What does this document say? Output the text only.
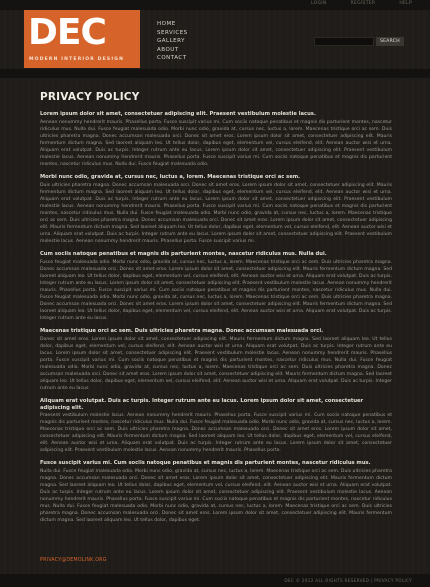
LOGIN	REGISTER	HELP
DEC
MODERN INTERIOR DESIGN
HOME
SERVICES
GALLERY
ABOUT
CONTACT
SEARCH
PRIVACY POLICY
Lorem ipsum dolor sit amet, consectetuer adipiscing elit. Praesent vestibulum molestie lacus.
Aenean nonummy hendrerit mauris. Phasellus porta. Fusce suscipit varius mi. Cum sociis natoque penatibus et magnis dis parturient montes, nascetur ridiculus mus. Nulla dui. Fusce feugiat malesuada odio. Morbi nunc odio, gravida at, cursus nec, luctus a, lorem. Maecenas tristique orci ac sem. Duis ultricies pharetra magna. Donec accumsan malesuada orci. Donec sit amet eros. Lorem ipsum dolor sit amet, consectetuer adipiscing elit. Mauris fermentum dictum magna. Sed laoreet aliquam leo. Ut tellus dolor, dapibus eget, elementum vel, cursus eleifend, elit. Aenean auctor wisi et urna. Aliquam erat volutpat. Duis ac turpis. Integer rutrum ante eu lacus. Lorem ipsum dolor sit amet, consectetuer adipiscing elit. Praesent vestibulum molestie lacus. Aenean nonummy hendrerit mauris. Phasellus porta. Fusce suscipit varius mi. Cum sociis natoque penatibus et magnis dis parturient montes, nascetur ridiculus mus. Nulla dui. Fusce feugiat malesuada odio.
Morbi nunc odio, gravida at, cursus nec, luctus a, lorem. Maecenas tristique orci ac sem.
Duis ultricies pharetra magna. Donec accumsan malesuada orci. Donec sit amet eros. Lorem ipsum dolor sit amet, consectetuer adipiscing elit. Mauris fermentum dictum magna. Sed laoreet aliquam leo. Ut tellus dolor, dapibus eget, elementum vel, cursus eleifend, elit. Aenean auctor wisi et urna. Aliquam erat volutpat. Duis ac turpis. Integer rutrum ante eu lacus. Lorem ipsum dolor sit amet, consectetuer adipiscing elit. Praesent vestibulum molestie lacus. Aenean nonummy hendrerit mauris. Phasellus porta. Fusce suscipit varius mi. Cum sociis natoque penatibus et magnis dis parturient montes, nascetur ridiculus mus. Nulla dui. Fusce feugiat malesuada odio. Morbi nunc odio, gravida at, cursus nec, luctus a, lorem. Maecenas tristique orci ac sem. Duis ultricies pharetra magna. Donec accumsan malesuada orci. Donec sit amet eros. Lorem ipsum dolor sit amet, consectetuer adipiscing elit. Mauris fermentum dictum magna. Sed laoreet aliquam leo. Ut tellus dolor, dapibus eget, elementum vel, cursus eleifend, elit. Aenean auctor wisi et urna. Aliquam erat volutpat. Duis ac turpis. Integer rutrum ante eu lacus. Lorem ipsum dolor sit amet, consectetuer adipiscing elit. Praesent vestibulum molestie lacus. Aenean nonummy hendrerit mauris. Phasellus porta. Fusce suscipit varius mi.
Cum sociis natoque penatibus et magnis dis parturient montes, nascetur ridiculus mus. Nulla dui.
Fusce feugiat malesuada odio. Morbi nunc odio, gravida at, cursus nec, luctus a, lorem. Maecenas tristique orci ac sem. Duis ultricies pharetra magna. Donec accumsan malesuada orci. Donec sit amet eros. Lorem ipsum dolor sit amet, consectetuer adipiscing elit. Mauris fermentum dictum magna. Sed laoreet aliquam leo. Ut tellus dolor, dapibus eget, elementum vel, cursus eleifend, elit. Aenean auctor wisi et urna. Aliquam erat volutpat. Duis ac turpis. Integer rutrum ante eu lacus. Lorem ipsum dolor sit amet, consectetuer adipiscing elit. Praesent vestibulum molestie lacus. Aenean nonummy hendrerit mauris. Phasellus porta. Fusce suscipit varius mi. Cum sociis natoque penatibus et magnis dis parturient montes, nascetur ridiculus mus. Nulla dui. Fusce feugiat malesuada odio. Morbi nunc odio, gravida at, cursus nec, luctus a, lorem. Maecenas tristique orci ac sem. Duis ultricies pharetra magna. Donec accumsan malesuada orci. Donec sit amet eros. Lorem ipsum dolor sit amet, consectetuer adipiscing elit. Mauris fermentum dictum magna. Sed laoreet aliquam leo. Ut tellus dolor, dapibus eget, elementum vel, cursus eleifend, elit. Aenean auctor wisi et urna. Aliquam erat volutpat. Duis ac turpis. Integer rutrum ante eu lacus.
Maecenas tristique orci ac sem. Duis ultricies pharetra magna. Donec accumsan malesuada orci.
Donec sit amet eros. Lorem ipsum dolor sit amet, consectetuer adipiscing elit. Mauris fermentum dictum magna. Sed laoreet aliquam leo. Ut tellus dolor, dapibus eget, elementum vel, cursus eleifend, elit. Aenean auctor wisi et urna. Aliquam erat volutpat. Duis ac turpis. Integer rutrum ante eu lacus. Lorem ipsum dolor sit amet, consectetuer adipiscing elit. Praesent vestibulum molestie lacus. Aenean nonummy hendrerit mauris. Phasellus porta. Fusce suscipit varius mi. Cum sociis natoque penatibus et magnis dis parturient montes, nascetur ridiculus mus. Nulla dui. Fusce feugiat malesuada odio. Morbi nunc odio, gravida at, cursus nec, luctus a, lorem. Maecenas tristique orci ac sem. Duis ultricies pharetra magna. Donec accumsan malesuada orci. Donec sit amet eros. Lorem ipsum dolor sit amet, consectetuer adipiscing elit. Mauris fermentum dictum magna. Sed laoreet aliquam leo. Ut tellus dolor, dapibus eget, elementum vel, cursus eleifend, elit. Aenean auctor wisi et urna. Aliquam erat volutpat. Duis ac turpis. Integer rutrum ante eu lacus.
Aliquam erat volutpat. Duis ac turpis. Integer rutrum ante eu lacus. Lorem ipsum dolor sit amet, consectetuer adipiscing elit.
Praesent vestibulum molestie lacus. Aenean nonummy hendrerit mauris. Phasellus porta. Fusce suscipit varius mi. Cum sociis natoque penatibus et magnis dis parturient montes, nascetur ridiculus mus. Nulla dui. Fusce feugiat malesuada odio. Morbi nunc odio, gravida at, cursus nec, luctus a, lorem. Maecenas tristique orci ac sem. Duis ultricies pharetra magna. Donec accumsan malesuada orci. Donec sit amet eros. Lorem ipsum dolor sit amet, consectetuer adipiscing elit. Mauris fermentum dictum magna. Sed laoreet aliquam leo. Ut tellus dolor, dapibus eget, elementum vel, cursus eleifend, elit. Aenean auctor wisi et urna. Aliquam erat volutpat. Duis ac turpis. Integer rutrum ante eu lacus. Lorem ipsum dolor sit amet, consectetuer adipiscing elit. Praesent vestibulum molestie lacus. Aenean nonummy hendrerit mauris. Phasellus porta.
Fusce suscipit varius mi. Cum sociis natoque penatibus et magnis dis parturient montes, nascetur ridiculus mus.
Nulla dui. Fusce feugiat malesuada odio. Morbi nunc odio, gravida at, cursus nec, luctus a, lorem. Maecenas tristique orci ac sem. Duis ultricies pharetra magna. Donec accumsan malesuada orci. Donec sit amet eros. Lorem ipsum dolor sit amet, consectetuer adipiscing elit. Mauris fermentum dictum magna. Sed laoreet aliquam leo. Ut tellus dolor, dapibus eget, elementum vel, cursus eleifend, elit. Aenean auctor wisi et urna. Aliquam erat volutpat. Duis ac turpis. Integer rutrum ante eu lacus. Lorem ipsum dolor sit amet, consectetuer adipiscing elit. Praesent vestibulum molestie lacus. Aenean nonummy hendrerit mauris. Phasellus porta. Fusce suscipit varius mi. Cum sociis natoque penatibus et magnis dis parturient montes, nascetur ridiculus mus. Nulla dui. Fusce feugiat malesuada odio. Morbi nunc odio, gravida at, cursus nec, luctus a, lorem. Maecenas tristique orci ac sem. Duis ultricies pharetra magna. Donec accumsan malesuada orci. Donec sit amet eros. Lorem ipsum dolor sit amet, consectetuer adipiscing elit. Mauris fermentum dictum magna. Sed laoreet aliquam leo. Ut tellus dolor, dapibus eget.
PRIVACY@DEMOLINK.ORG
DEC © 2012 ALL RIGHTS RESERVED | PRIVACY POLICY
